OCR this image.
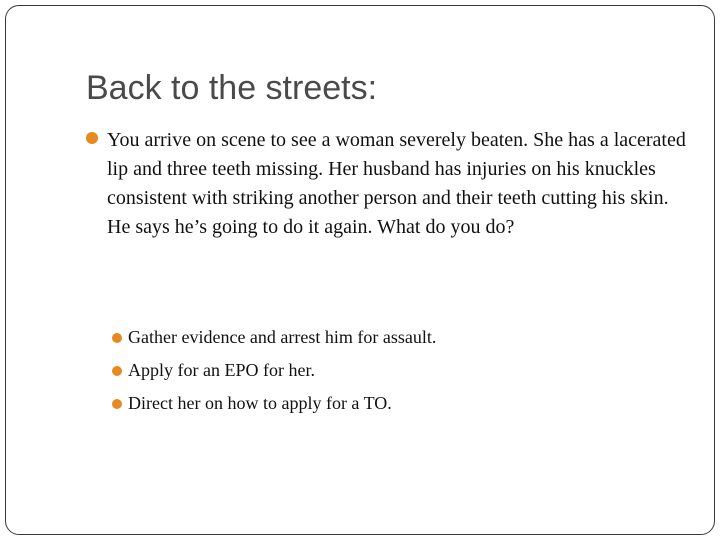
Back to the streets:

You arrive on scene to see a woman severely beaten. She has a lacerated lip and three teeth missing. Her husband has injuries on his knuckles consistent with striking another person and their teeth cutting his skin. He says he’s going to do it again. What do you do?

Gather evidence and arrest him for assault.
Apply for an EPO for her.
Direct her on how to apply for a TO.
